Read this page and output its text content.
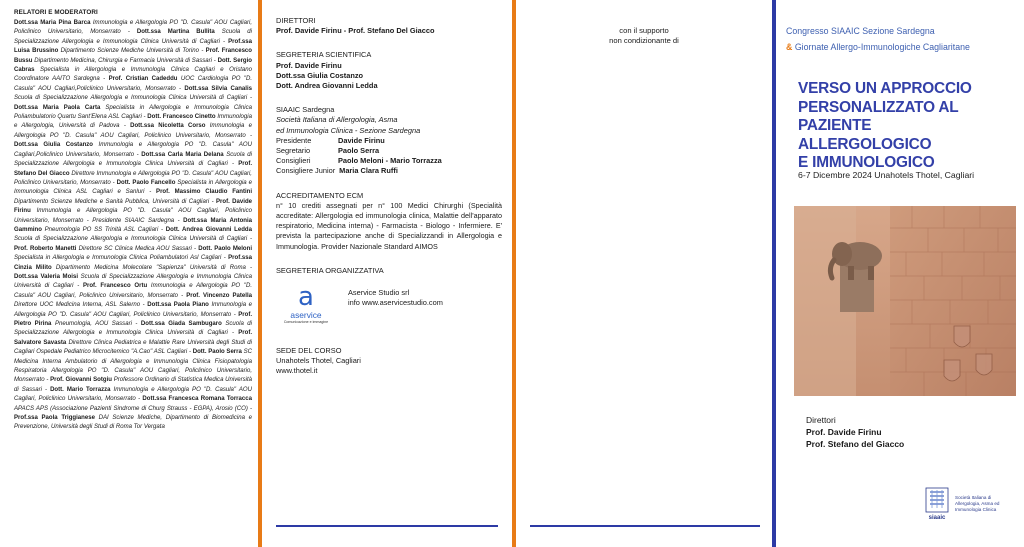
RELATORI E MODERATORI
Dott.ssa Maria Pina Barca Immunologia e Allergologia PO "D. Casula" AOU Cagliari, Policlinico Universitario, Monserrato - Dott.ssa Martina Bullita Scuola di Specializzazione Allergologia e Immunologia Clinica Università di Cagliari - Prof.ssa Luisa Brussino Dipartimento Scienze Mediche Università di Torino - Prof. Francesco Bussu Dipartimento Medicina, Chirurgia e Farmacia Università di Sassari - Dott. Sergio Cabras Specialista in Allergologia e Immunologia Clinica Cagliari e Oristano Coordinatore AAITO Sardegna - Prof. Cristian Cadeddu UOC Cardiologia PO "D. Casula" AOU Cagliari,Policlinico Universitario, Monserrato - Dott.ssa Silvia Canalis Scuola di Specializzazione Allergologia e Immunologia Clinica Università di Cagliari - Dott.ssa Maria Paola Carta Specialista in Allergologia e Immunologia Clinica Poliambulatorio Quartu Sant'Elena ASL Cagliari - Dott. Francesco Cinetto Immunologia e Allergologia, Università di Padova - Dott.ssa Nicoletta Corso Immunologia e Allergologia PO "D. Casula" AOU Cagliari, Policlinico Universitario, Monserrato - Dott.ssa Giulia Costanzo Immunologia e Allergologia PO "D. Casula" AOU Cagliari,Policlinico Universitario, Monserrato - Dott.ssa Carla Maria Delana Scuola di Specializzazione Allergologia e Immunologia Clinica Università di Cagliari - Prof. Stefano Del Giacco Direttore Immunologia e Allergologia PO "D. Casula" AOU Cagliari, Policlinico Universitario, Monserrato - Dott. Paolo Fancello Specialista in Allergologia e Immunologia Clinica ASL Cagliari e Sanluri - Prof. Massimo Claudio Fantini Dipartimento Scienze Mediche e Sanità Pubblica, Università di Cagliari - Prof. Davide Firinu Immunologia e Allergologia PO "D. Casula" AOU Cagliari, Policlinico Universitario, Monserrato - Presidente SIAAIC Sardegna - Dott.ssa Maria Antonia Gammino Pneumologia PO SS Trinità ASL Cagliari - Dott. Andrea Giovanni Ledda Scuola di Specializzazione Allergologia e Immunologia Clinica Università di Cagliari - Prof. Roberto Manetti Direttore SC Clinica Medica AOU Sassari - Dott. Paolo Meloni Specialista in Allergologia e Immunologia Clinica Poliambulatori Asl Cagliari - Prof.ssa Cinzia Milito Dipartimento Medicina Molecolare "Sapienza" Università di Roma - Dott.ssa Valeria Moisi Scuola di Specializzazione Allergologia e Immunologia Clinica Università di Cagliari - Prof. Francesco Ortu Immunologia e Allergologia PO "D. Casula" AOU Cagliari, Policlinico Universitario, Monserrato - Prof. Vincenzo Patella Direttore UOC Medicina Interna, ASL Salerno - Dott.ssa Paola Piano Immunologia e Allergologia PO "D. Casula" AOU Cagliari, Policlinico Universitario, Monserrato - Prof. Pietro Pirina Pneumologia, AOU Sassari - Dott.ssa Giada Sambugaro Scuola di Specializzazione Allergologia e Immunologia Clinica Università di Cagliari - Prof. Salvatore Savasta Direttore Clinica Pediatrica e Malattie Rare Università degli Studi di Cagliari Ospedale Pediatrico Microcitemico "A.Cao" ASL Cagliari - Dott. Paolo Serra SC Medicina Interna Ambulatorio di Allergologia e Immunologia Clinica Fisiopatologia Respiratoria Allergologia PO "D. Casula" AOU Cagliari, Policlinico Universitario, Monserrato - Prof. Giovanni Sotgiu Professore Ordinario di Statistica Medica Università di Sassari - Dott. Mario Torrazza Immunologia e Allergologia PO "D. Casula" AOU Cagliari, Policlinico Universitario, Monserrato - Dott.ssa Francesca Romana Torracca APACS APS (Associazione Pazienti Sindrome di Churg Strauss - EGPA), Arosio (CO) - Prof.ssa Paola Triggianese DAI Scienze Mediche, Dipartimento di Biomedicina e Prevenzione, Università degli Studi di Roma Tor Vergata
DIRETTORI
Prof. Davide Firinu - Prof. Stefano Del Giacco
SEGRETERIA SCIENTIFICA
Prof. Davide Firinu
Dott.ssa Giulia Costanzo
Dott. Andrea Giovanni Ledda
SIAAIC Sardegna
Società Italiana di Allergologia, Asma
ed Immunologia Clinica - Sezione Sardegna
Presidente	Davide Firinu
Segretario	Paolo Serra
Consiglieri	Paolo Meloni - Mario Torrazza
Consigliere Junior Maria Clara Ruffi
ACCREDITAMENTO ECM
n° 10 crediti assegnati per n° 100 Medici Chirurghi (Specialità accreditate: Allergologia ed immunologia clinica, Malattie dell'apparato respiratorio, Medicina interna) - Farmacista - Biologo - Infermiere. E' prevista la partecipazione anche di Specializzandi in Allergologia e Immunologia. Provider Nazionale Standard AIMOS
SEGRETERIA ORGANIZZATIVA
a
aservice
Comunicazione e immagine
Aservice Studio srl
info www.aservicestudio.com
SEDE DEL CORSO
Unahotels Thotel, Cagliari
www.thotel.it
con il supporto
non condizionante di
Congresso SIAAIC Sezione Sardegna
& Giornate Allergo-Immunologiche Cagliaritane
VERSO UN APPROCCIO
PERSONALIZZATO AL PAZIENTE
ALLERGOLOGICO
E IMMUNOLOGICO
6-7 Dicembre 2024 Unahotels Thotel, Cagliari
Direttori
Prof. Davide Firinu
Prof. Stefano del Giacco
siaaic
Società Italiana di
Allergologia, Asma ed
Immunologia Clinica
